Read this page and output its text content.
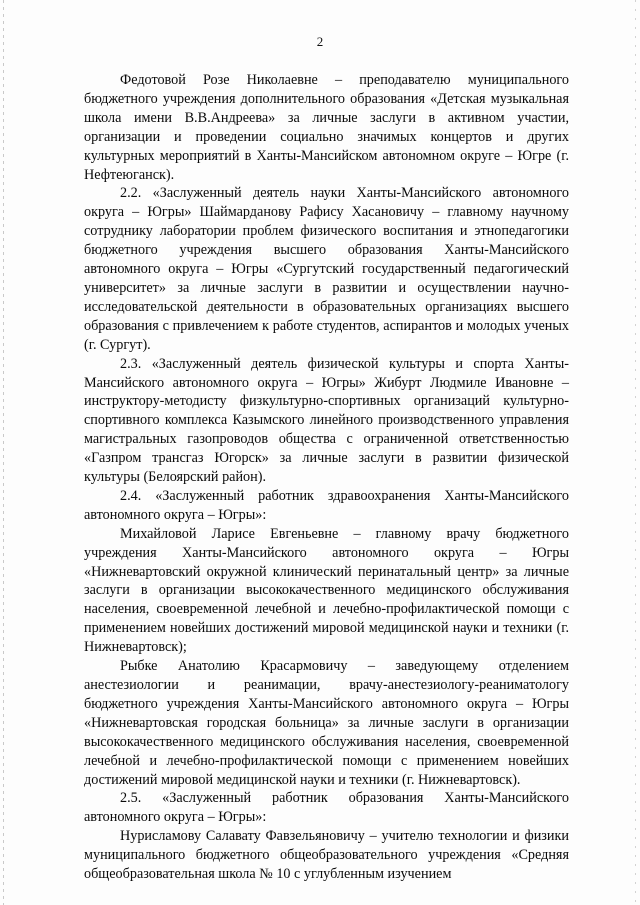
2

Федотовой Розе Николаевне – преподавателю муниципального бюджетного учреждения дополнительного образования «Детская музыкальная школа имени В.В.Андреева» за личные заслуги в активном участии, организации и проведении социально значимых концертов и других культурных мероприятий в Ханты-Мансийском автономном округе – Югре (г. Нефтеюганск).

2.2. «Заслуженный деятель науки Ханты-Мансийского автономного округа – Югры» Шаймарданову Рафису Хасановичу – главному научному сотруднику лаборатории проблем физического воспитания и этнопедагогики бюджетного учреждения высшего образования Ханты-Мансийского автономного округа – Югры «Сургутский государственный педагогический университет» за личные заслуги в развитии и осуществлении научно-исследовательской деятельности в образовательных организациях высшего образования с привлечением к работе студентов, аспирантов и молодых ученых (г. Сургут).

2.3. «Заслуженный деятель физической культуры и спорта Ханты-Мансийского автономного округа – Югры» Жибурт Людмиле Ивановне – инструктору-методисту физкультурно-спортивных организаций культурно-спортивного комплекса Казымского линейного производственного управления магистральных газопроводов общества с ограниченной ответственностью «Газпром трансгаз Югорск» за личные заслуги в развитии физической культуры (Белоярский район).

2.4. «Заслуженный работник здравоохранения Ханты-Мансийского автономного округа – Югры»:

Михайловой Ларисе Евгеньевне – главному врачу бюджетного учреждения Ханты-Мансийского автономного округа – Югры «Нижневартовский окружной клинический перинатальный центр» за личные заслуги в организации высококачественного медицинского обслуживания населения, своевременной лечебной и лечебно-профилактической помощи с применением новейших достижений мировой медицинской науки и техники (г. Нижневартовск);

Рыбке Анатолию Красармовичу – заведующему отделением анестезиологии и реанимации, врачу-анестезиологу-реаниматологу бюджетного учреждения Ханты-Мансийского автономного округа – Югры «Нижневартовская городская больница» за личные заслуги в организации высококачественного медицинского обслуживания населения, своевременной лечебной и лечебно-профилактической помощи с применением новейших достижений мировой медицинской науки и техники (г. Нижневартовск).

2.5. «Заслуженный работник образования Ханты-Мансийского автономного округа – Югры»:

Нурисламову Салавату Фавзельяновичу – учителю технологии и физики муниципального бюджетного общеобразовательного учреждения «Средняя общеобразовательная школа № 10 с углубленным изучением
